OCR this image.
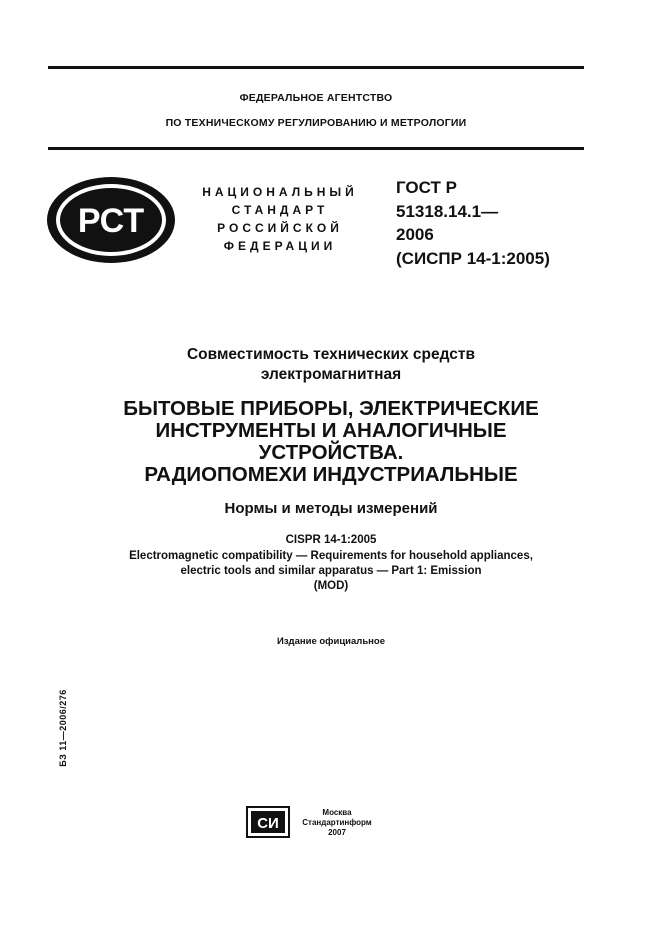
ФЕДЕРАЛЬНОЕ АГЕНТСТВО
ПО ТЕХНИЧЕСКОМУ РЕГУЛИРОВАНИЮ И МЕТРОЛОГИИ
РСТ
НАЦИОНАЛЬНЫЙ
СТАНДАРТ
РОССИЙСКОЙ
ФЕДЕРАЦИИ
ГОСТ Р
51318.14.1—
2006
(СИСПР 14-1:2005)
Совместимость технических средств
электромагнитная
БЫТОВЫЕ ПРИБОРЫ, ЭЛЕКТРИЧЕСКИЕ
ИНСТРУМЕНТЫ И АНАЛОГИЧНЫЕ
УСТРОЙСТВА.
РАДИОПОМЕХИ ИНДУСТРИАЛЬНЫЕ
Нормы и методы измерений
CISPR 14-1:2005
Electromagnetic compatibility — Requirements for household appliances,
electric tools and similar apparatus — Part 1: Emission
(MOD)
Издание официальное
БЗ 11—2006/276
СИ
Москва
Стандартинформ
2007
